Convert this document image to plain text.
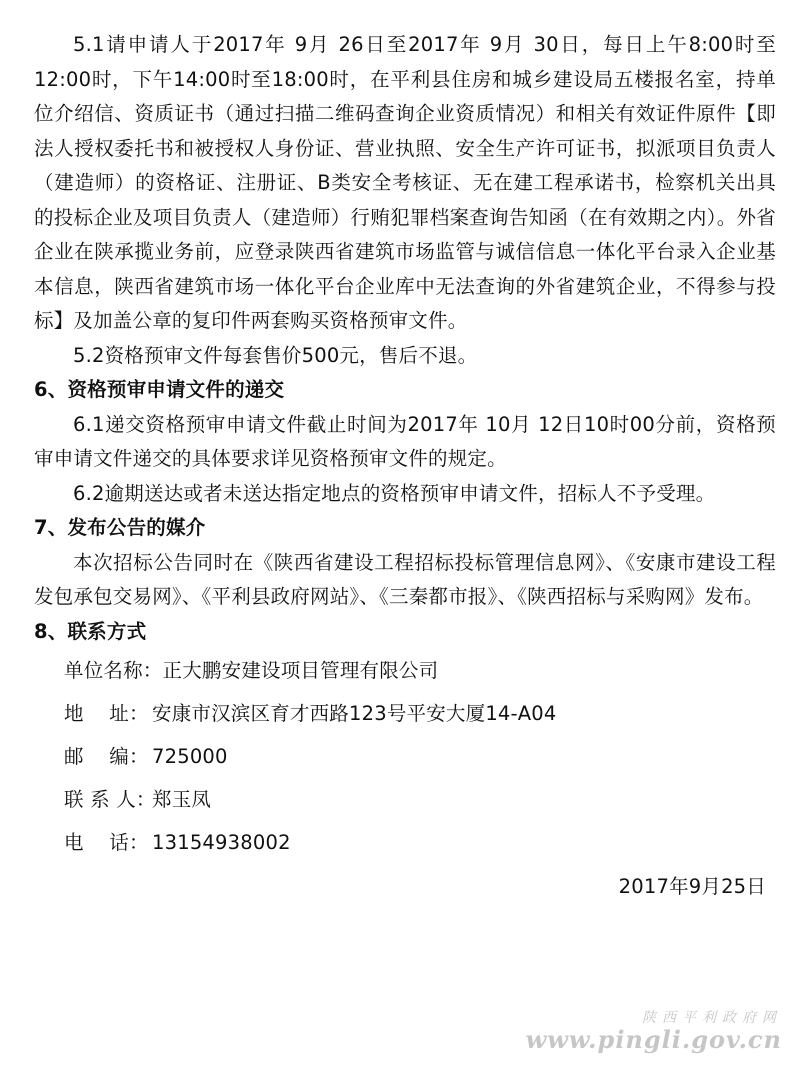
5.1请申请人于2017年 9月 26日至2017年 9月 30日，每日上午8:00时至 12:00时，下午14:00时至18:00时，在平利县住房和城乡建设局五楼报名室，持单位介绍信、资质证书（通过扫描二维码查询企业资质情况）和相关有效证件原件【即法人授权委托书和被授权人身份证、营业执照、安全生产许可证书，拟派项目负责人（建造师）的资格证、注册证、B类安全考核证、无在建工程承诺书，检察机关出具的投标企业及项目负责人（建造师）行贿犯罪档案查询告知函（在有效期之内）。外省企业在陕承揽业务前，应登录陕西省建筑市场监管与诚信信息一体化平台录入企业基本信息，陕西省建筑市场一体化平台企业库中无法查询的外省建筑企业，不得参与投标】及加盖公章的复印件两套购买资格预审文件。

5.2资格预审文件每套售价500元，售后不退。

6、资格预审申请文件的递交

6.1递交资格预审申请文件截止时间为2017年 10月 12日10时00分前，资格预审申请文件递交的具体要求详见资格预审文件的规定。

6.2逾期送达或者未送达指定地点的资格预审申请文件，招标人不予受理。

7、发布公告的媒介

本次招标公告同时在《陕西省建设工程招标投标管理信息网》、《安康市建设工程发包承包交易网》、《平利县政府网站》、《三秦都市报》、《陕西招标与采购网》发布。

8、联系方式

单位名称：正大鹏安建设项目管理有限公司

地    址： 安康市汉滨区育才西路123号平安大厦14-A04

邮    编： 725000

联 系 人：郑玉凤

电    话： 13154938002

2017年9月25日

陕西平利政府网
www.pingli.gov.cn
